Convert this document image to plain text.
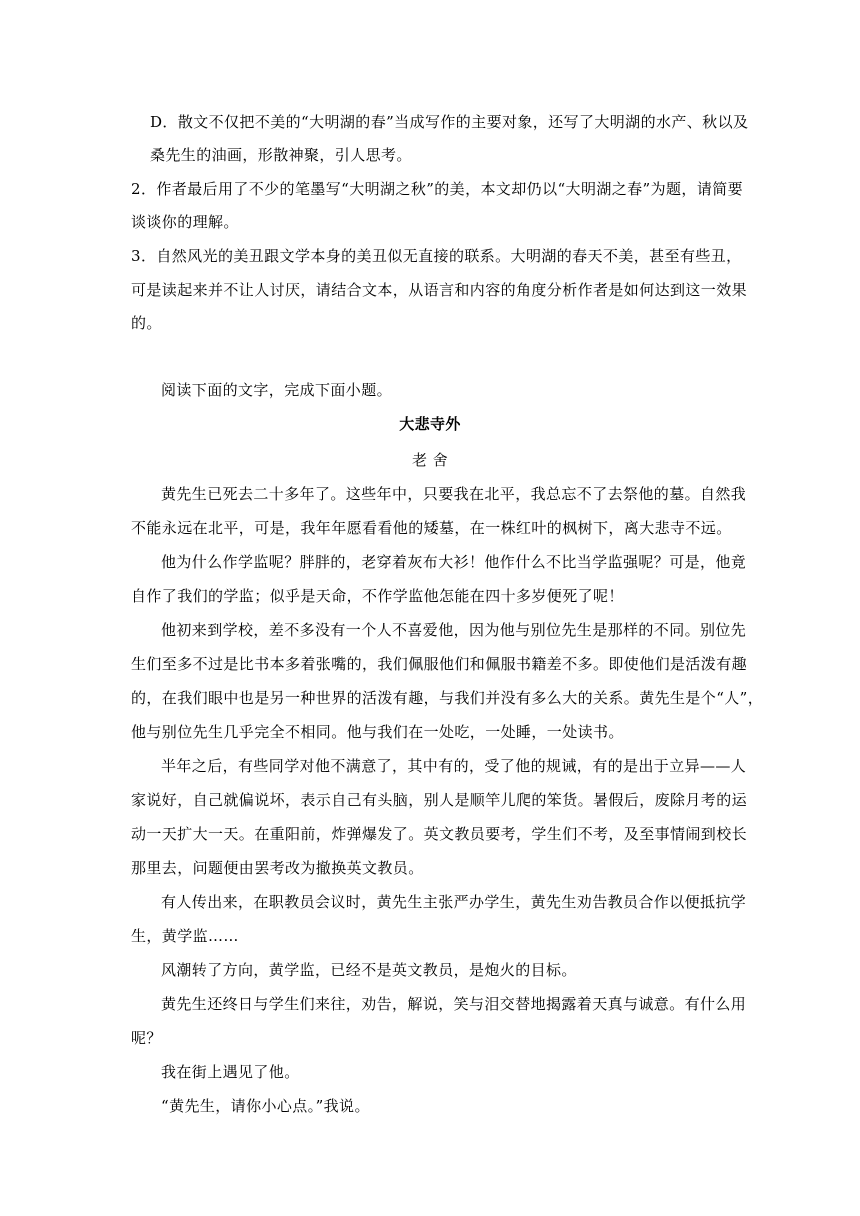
D．散文不仅把不美的“大明湖的春”当成写作的主要对象，还写了大明湖的水产、秋以及
桑先生的油画，形散神聚，引人思考。
2．作者最后用了不少的笔墨写“大明湖之秋”的美，本文却仍以“大明湖之春”为题，请简要
谈谈你的理解。
3．自然风光的美丑跟文学本身的美丑似无直接的联系。大明湖的春天不美，甚至有些丑，
可是读起来并不让人讨厌，请结合文本，从语言和内容的角度分析作者是如何达到这一效果
的。
阅读下面的文字，完成下面小题。
大悲寺外
老 舍
黄先生已死去二十多年了。这些年中，只要我在北平，我总忘不了去祭他的墓。自然我
不能永远在北平，可是，我年年愿看看他的矮墓，在一株红叶的枫树下，离大悲寺不远。
他为什么作学监呢？胖胖的，老穿着灰布大衫！他作什么不比当学监强呢？可是，他竟
自作了我们的学监；似乎是天命，不作学监他怎能在四十多岁便死了呢！
他初来到学校，差不多没有一个人不喜爱他，因为他与别位先生是那样的不同。别位先
生们至多不过是比书本多着张嘴的，我们佩服他们和佩服书籍差不多。即使他们是活泼有趣
的，在我们眼中也是另一种世界的活泼有趣，与我们并没有多么大的关系。黄先生是个“人”，
他与别位先生几乎完全不相同。他与我们在一处吃，一处睡，一处读书。
半年之后，有些同学对他不满意了，其中有的，受了他的规诫，有的是出于立异——人
家说好，自己就偏说坏，表示自己有头脑，别人是顺竿儿爬的笨货。暑假后，废除月考的运
动一天扩大一天。在重阳前，炸弹爆发了。英文教员要考，学生们不考，及至事情闹到校长
那里去，问题便由罢考改为撤换英文教员。
有人传出来，在职教员会议时，黄先生主张严办学生，黄先生劝告教员合作以便抵抗学
生，黄学监……
风潮转了方向，黄学监，已经不是英文教员，是炮火的目标。
黄先生还终日与学生们来往，劝告，解说，笑与泪交替地揭露着天真与诚意。有什么用
呢？
我在街上遇见了他。
“黄先生，请你小心点。”我说。
